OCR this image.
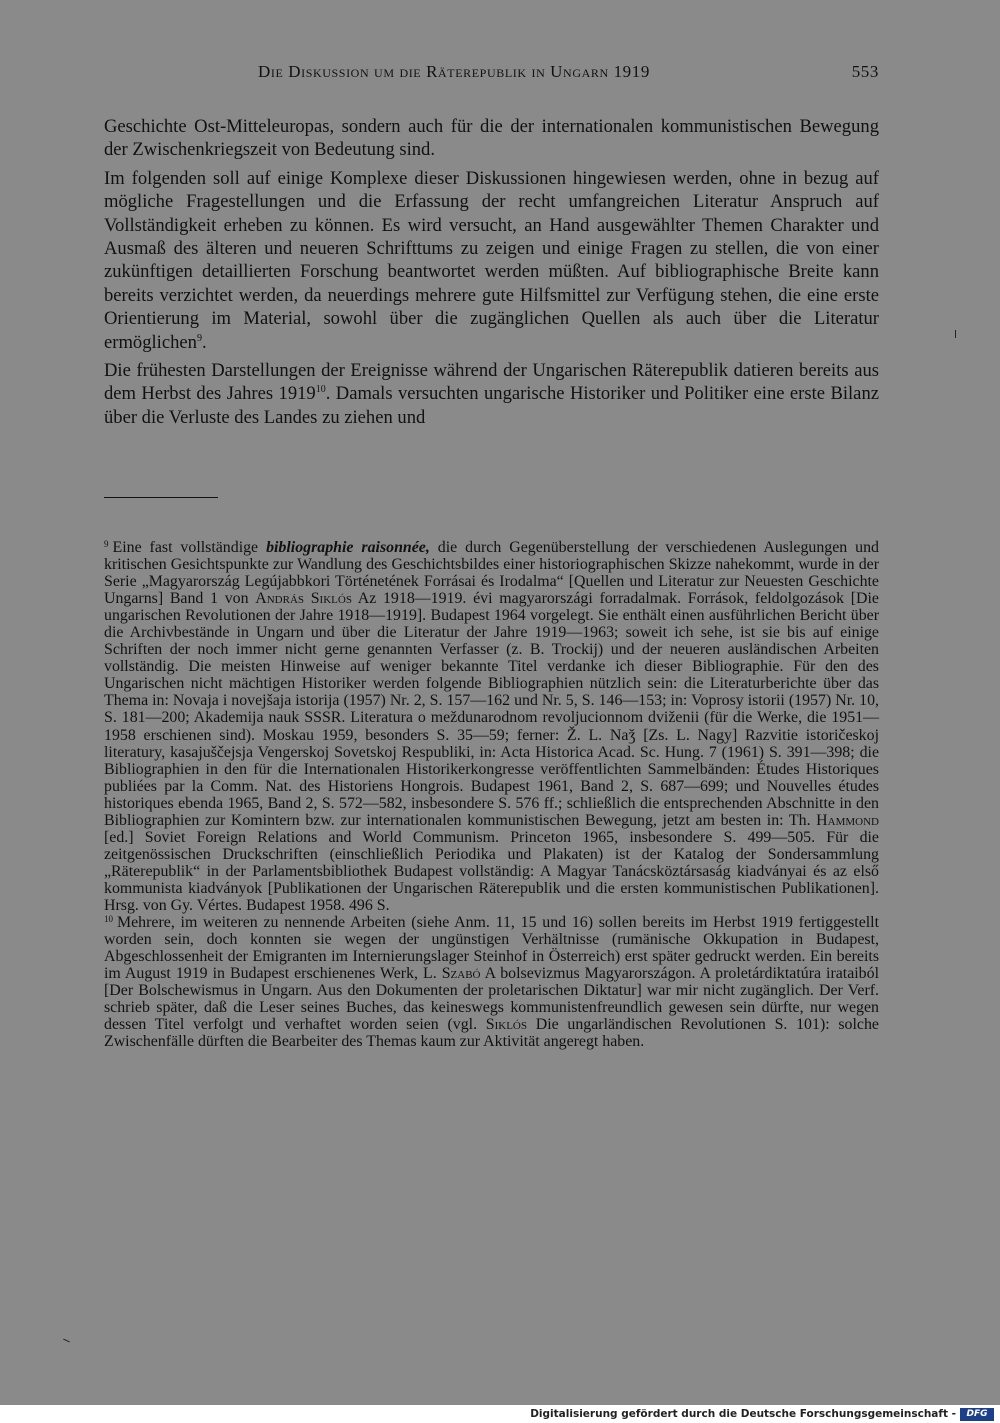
Die Diskussion um die Räterepublik in Ungarn 1919	553

Geschichte Ost-Mitteleuropas, sondern auch für die der internationalen kommunistischen Bewegung der Zwischenkriegszeit von Bedeutung sind.

Im folgenden soll auf einige Komplexe dieser Diskussionen hingewiesen werden, ohne in bezug auf mögliche Fragestellungen und die Erfassung der recht umfangreichen Literatur Anspruch auf Vollständigkeit erheben zu können. Es wird versucht, an Hand ausgewählter Themen Charakter und Ausmaß des älteren und neueren Schrifttums zu zeigen und einige Fragen zu stellen, die von einer zukünftigen detaillierten Forschung beantwortet werden müßten. Auf bibliographische Breite kann bereits verzichtet werden, da neuerdings mehrere gute Hilfsmittel zur Verfügung stehen, die eine erste Orientierung im Material, sowohl über die zugänglichen Quellen als auch über die Literatur ermöglichen$^9$.

Die frühesten Darstellungen der Ereignisse während der Ungarischen Räterepublik datieren bereits aus dem Herbst des Jahres 1919$^{10}$. Damals versuchten ungarische Historiker und Politiker eine erste Bilanz über die Verluste des Landes zu ziehen und

$^9$ Eine fast vollständige bibliographie raisonnée, die durch Gegenüberstellung der verschiedenen Auslegungen und kritischen Gesichtspunkte zur Wandlung des Geschichtsbildes einer historiographischen Skizze nahekommt, wurde in der Serie „Magyarország Legújabbkori Történetének Forrásai és Irodalma“ [Quellen und Literatur zur Neuesten Geschichte Ungarns] Band 1 von András Siklós Az 1918—1919. évi magyarországi forradalmak. Források, feldolgozások [Die ungarischen Revolutionen der Jahre 1918—1919]. Budapest 1964 vorgelegt. Sie enthält einen ausführlichen Bericht über die Archivbestände in Ungarn und über die Literatur der Jahre 1919—1963; soweit ich sehe, ist sie bis auf einige Schriften der noch immer nicht gerne genannten Verfasser (z. B. Trockij) und der neueren ausländischen Arbeiten vollständig. Die meisten Hinweise auf weniger bekannte Titel verdanke ich dieser Bibliographie. Für den des Ungarischen nicht mächtigen Historiker werden folgende Bibliographien nützlich sein: die Literaturberichte über das Thema in: Novaja i novejšaja istorija (1957) Nr. 2, S. 157—162 und Nr. 5, S. 146—153; in: Voprosy istorii (1957) Nr. 10, S. 181—200; Akademija nauk SSSR. Literatura o meždunarodnom revoljucionnom dviženii (für die Werke, die 1951—1958 erschienen sind). Moskau 1959, besonders S. 35—59; ferner: Ž. L. Naǯ [Zs. L. Nagy] Razvitie istoričeskoj literatury, kasajuščejsja Vengerskoj Sovetskoj Respubliki, in: Acta Historica Acad. Sc. Hung. 7 (1961) S. 391—398; die Bibliographien in den für die Internationalen Historikerkongresse veröffentlichten Sammelbänden: Études Historiques publiées par la Comm. Nat. des Historiens Hongrois. Budapest 1961, Band 2, S. 687—699; und Nouvelles études historiques ebenda 1965, Band 2, S. 572—582, insbesondere S. 576 ff.; schließlich die entsprechenden Abschnitte in den Bibliographien zur Komintern bzw. zur internationalen kommunistischen Bewegung, jetzt am besten in: Th. Hammond [ed.] Soviet Foreign Relations and World Communism. Princeton 1965, insbesondere S. 499—505. Für die zeitgenössischen Druckschriften (einschließlich Periodika und Plakaten) ist der Katalog der Sondersammlung „Räterepublik“ in der Parlamentsbibliothek Budapest vollständig: A Magyar Tanácsköztársaság kiadványai és az első kommunista kiadványok [Publikationen der Ungarischen Räterepublik und die ersten kommunistischen Publikationen]. Hrsg. von Gy. Vértes. Budapest 1958. 496 S.

$^{10}$ Mehrere, im weiteren zu nennende Arbeiten (siehe Anm. 11, 15 und 16) sollen bereits im Herbst 1919 fertiggestellt worden sein, doch konnten sie wegen der ungünstigen Verhältnisse (rumänische Okkupation in Budapest, Abgeschlossenheit der Emigranten im Internierungslager Steinhof in Österreich) erst später gedruckt werden. Ein bereits im August 1919 in Budapest erschienenes Werk, L. Szabó A bolsevizmus Magyarországon. A proletárdiktatúra irataiból [Der Bolschewismus in Ungarn. Aus den Dokumenten der proletarischen Diktatur] war mir nicht zugänglich. Der Verf. schrieb später, daß die Leser seines Buches, das keineswegs kommunistenfreundlich gewesen sein dürfte, nur wegen dessen Titel verfolgt und verhaftet worden seien (vgl. Siklós Die ungarländischen Revolutionen S. 101): solche Zwischenfälle dürften die Bearbeiter des Themas kaum zur Aktivität angeregt haben.

Digitalisierung gefördert durch die Deutsche Forschungsgemeinschaft -	DFG
